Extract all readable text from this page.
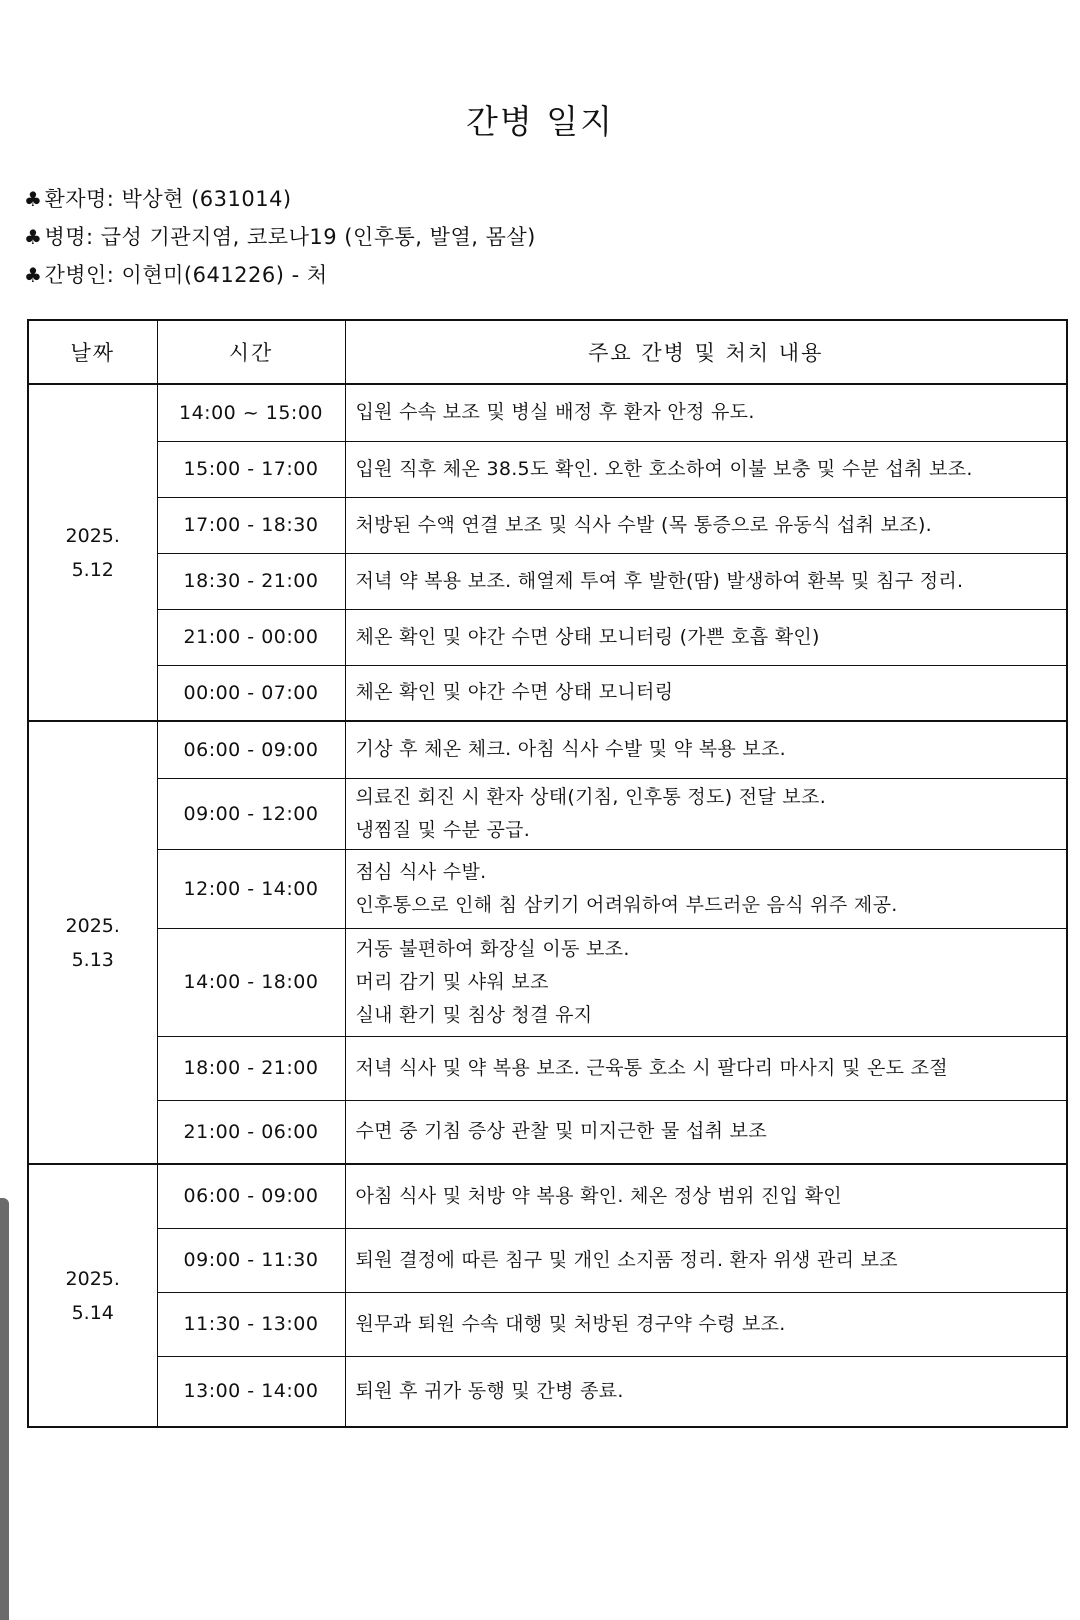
간병 일지
♣ 환자명: 박상현 (631014)
♣ 병명: 급성 기관지염, 코로나19 (인후통, 발열, 몸살)
♣ 간병인: 이현미(641226) - 처
날짜	시간	주요 간병 및 처치 내용

2025.
5.12	14:00 ~ 15:00	입원 수속 보조 및 병실 배정 후 환자 안정 유도.

	15:00 - 17:00	입원 직후 체온 38.5도 확인. 오한 호소하여 이불 보충 및 수분 섭취 보조.

	17:00 - 18:30	처방된 수액 연결 보조 및 식사 수발 (목 통증으로 유동식 섭취 보조).

	18:30 - 21:00	저녁 약 복용 보조. 해열제 투여 후 발한(땀) 발생하여 환복 및 침구 정리.

	21:00 - 00:00	체온 확인 및 야간 수면 상태 모니터링 (가쁜 호흡 확인)

	00:00 - 07:00	체온 확인 및 야간 수면 상태 모니터링

2025.
5.13	06:00 - 09:00	기상 후 체온 체크. 아침 식사 수발 및 약 복용 보조.

	09:00 - 12:00	의료진 회진 시 환자 상태(기침, 인후통 정도) 전달 보조.
냉찜질 및 수분 공급.

	12:00 - 14:00	점심 식사 수발.
인후통으로 인해 침 삼키기 어려워하여 부드러운 음식 위주 제공.

	14:00 - 18:00	거동 불편하여 화장실 이동 보조.
머리 감기 및 샤워 보조
실내 환기 및 침상 청결 유지

	18:00 - 21:00	저녁 식사 및 약 복용 보조. 근육통 호소 시 팔다리 마사지 및 온도 조절

	21:00 - 06:00	수면 중 기침 증상 관찰 및 미지근한 물 섭취 보조

2025.
5.14	06:00 - 09:00	아침 식사 및 처방 약 복용 확인. 체온 정상 범위 진입 확인

	09:00 - 11:30	퇴원 결정에 따른 침구 및 개인 소지품 정리. 환자 위생 관리 보조

	11:30 - 13:00	원무과 퇴원 수속 대행 및 처방된 경구약 수령 보조.

	13:00 - 14:00	퇴원 후 귀가 동행 및 간병 종료.
